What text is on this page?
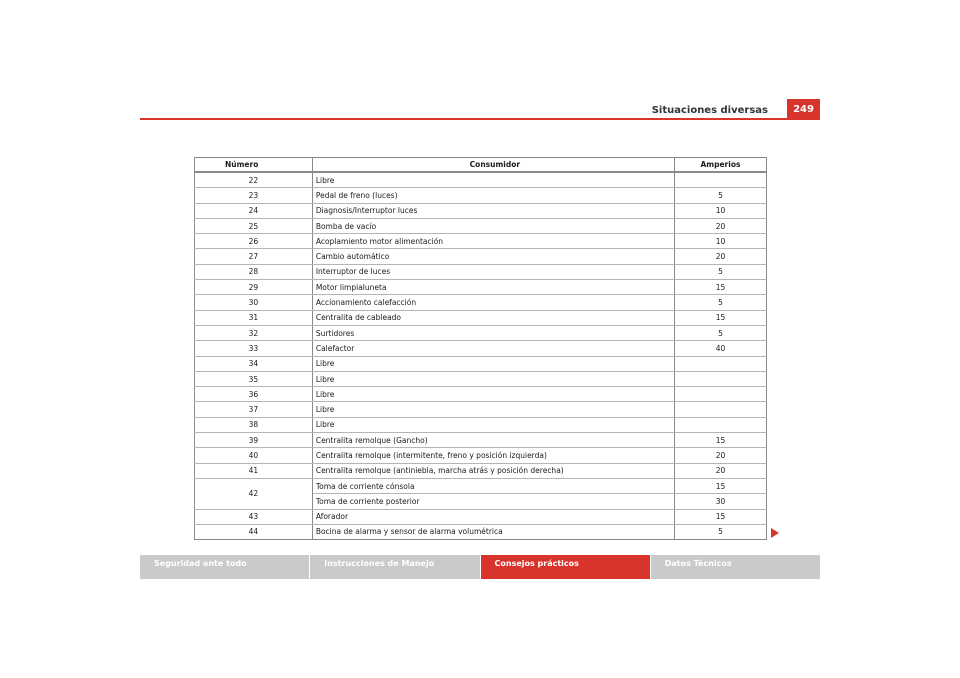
Situaciones diversas	249
Número	Consumidor	Amperios
22	Libre	
23	Pedal de freno (luces)	5
24	Diagnosis/Interruptor luces	10
25	Bomba de vacío	20
26	Acoplamiento motor alimentación	10
27	Cambio automático	20
28	Interruptor de luces	5
29	Motor limpialuneta	15
30	Accionamiento calefacción	5
31	Centralita de cableado	15
32	Surtidores	5
33	Calefactor	40
34	Libre	
35	Libre	
36	Libre	
37	Libre	
38	Libre	
39	Centralita remolque (Gancho)	15
40	Centralita remolque (intermitente, freno y posición izquierda)	20
41	Centralita remolque (antiniebla, marcha atrás y posición derecha)	20
42	Toma de corriente cónsola	15
	Toma de corriente posterior	30
43	Aforador	15
44	Bocina de alarma y sensor de alarma volumétrica	5
Seguridad ante todo	Instrucciones de Manejo	Consejos prácticos	Datos Técnicos
